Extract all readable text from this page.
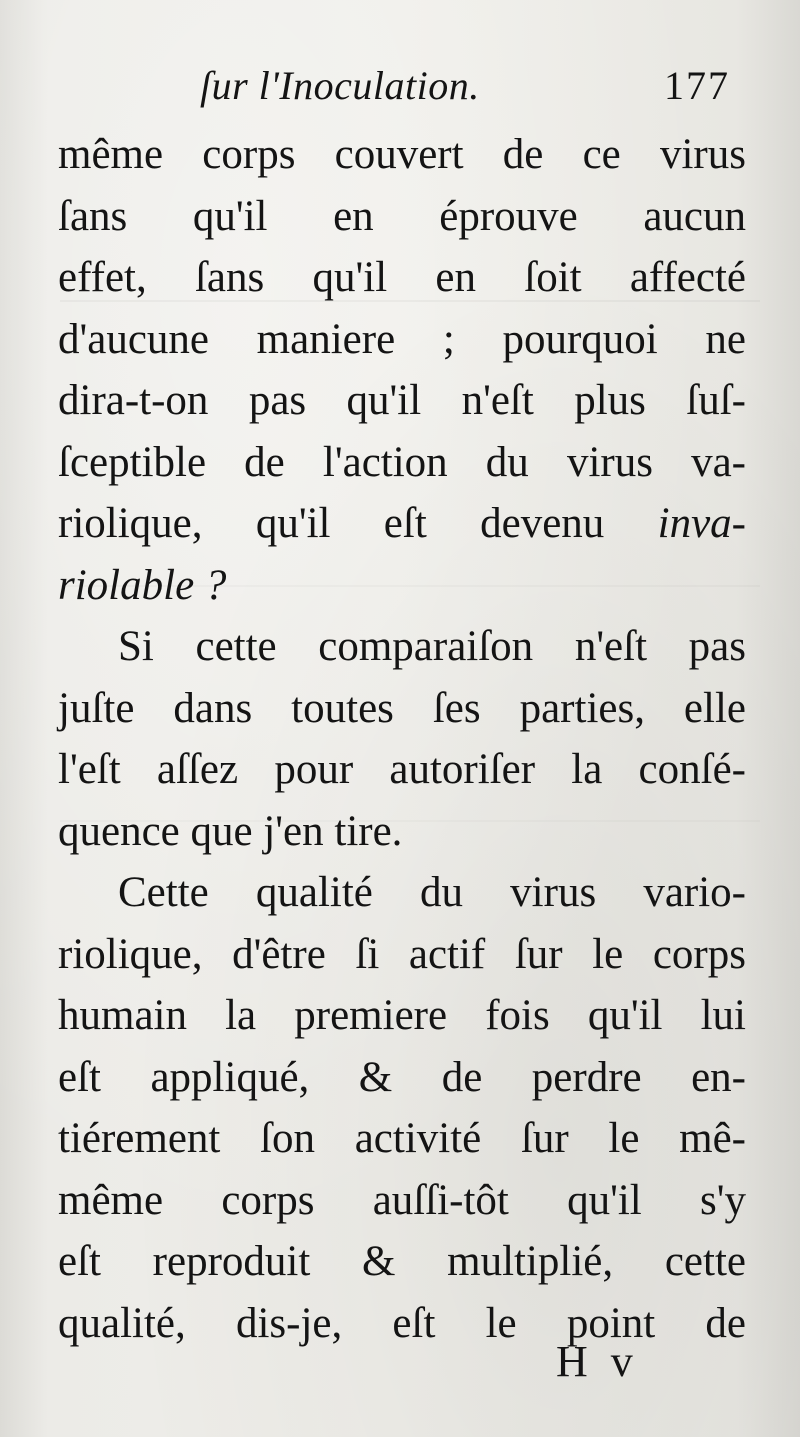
ſur l'Inoculation.	177
même corps couvert de ce virus
ſans qu'il en éprouve aucun
effet, ſans qu'il en ſoit affecté
d'aucune maniere ; pourquoi ne
dira-t-on pas qu'il n'eſt plus ſuſ-
ſceptible de l'action du virus va-
riolique, qu'il eſt devenu inva-
riolable ?
Si cette comparaiſon n'eſt pas
juſte dans toutes ſes parties, elle
l'eſt aſſez pour autoriſer la conſé-
quence que j'en tire.
Cette qualité du virus vario-
riolique, d'être ſi actif ſur le corps
humain la premiere fois qu'il lui
eſt appliqué, & de perdre en-
tiérement ſon activité ſur le mê-
même corps auſſi-tôt qu'il s'y
eſt reproduit & multiplié, cette
qualité, dis-je, eſt le point de
H v
